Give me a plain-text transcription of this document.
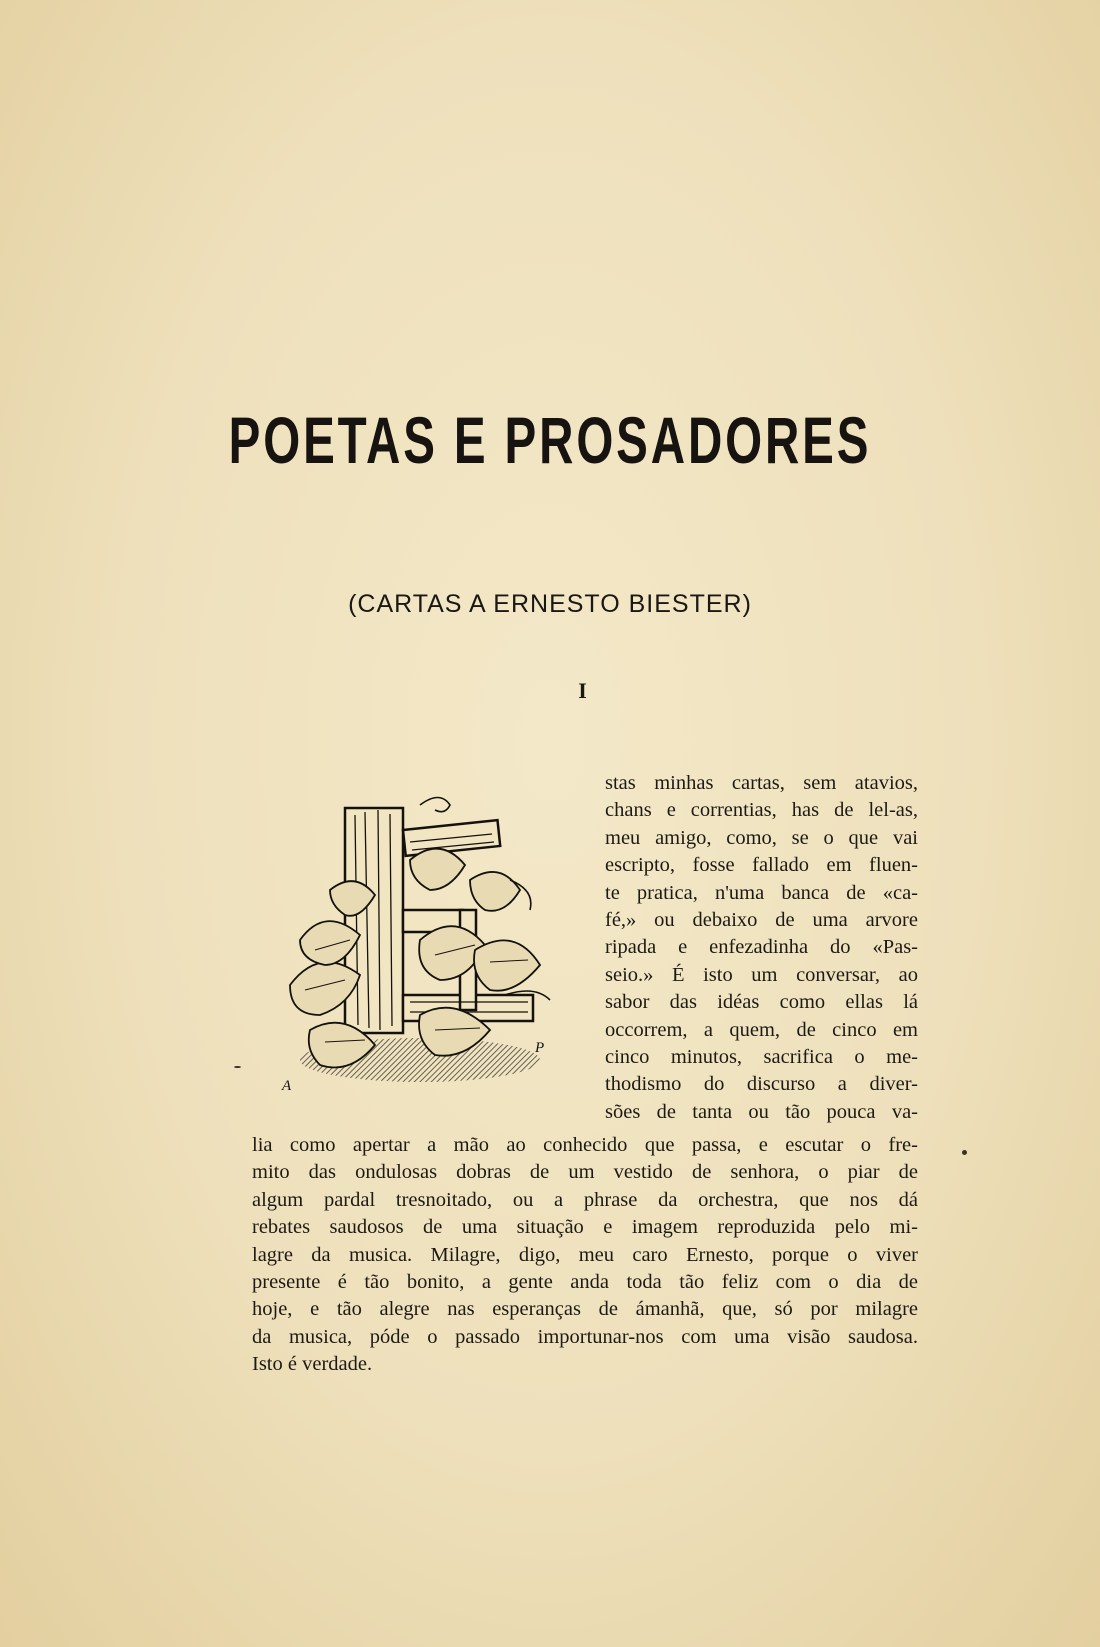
POETAS E PROSADORES
(CARTAS A ERNESTO BIESTER)
I
A
P
stas minhas cartas, sem atavios,
chans e correntias, has de lel-as,
meu amigo, como, se o que vai
escripto, fosse fallado em fluen-
te pratica, n'uma banca de «ca-
fé,» ou debaixo de uma arvore
ripada e enfezadinha do «Pas-
seio.» É isto um conversar, ao
sabor das idéas como ellas lá
occorrem, a quem, de cinco em
cinco minutos, sacrifica o me-
thodismo do discurso a diver-
sões de tanta ou tão pouca va-
lia como apertar a mão ao conhecido que passa, e escutar o fre-
mito das ondulosas dobras de um vestido de senhora, o piar de
algum pardal tresnoitado, ou a phrase da orchestra, que nos dá
rebates saudosos de uma situação e imagem reproduzida pelo mi-
lagre da musica. Milagre, digo, meu caro Ernesto, porque o viver
presente é tão bonito, a gente anda toda tão feliz com o dia de
hoje, e tão alegre nas esperanças de ámanhã, que, só por milagre
da musica, póde o passado importunar-nos com uma visão saudosa.
Isto é verdade.
